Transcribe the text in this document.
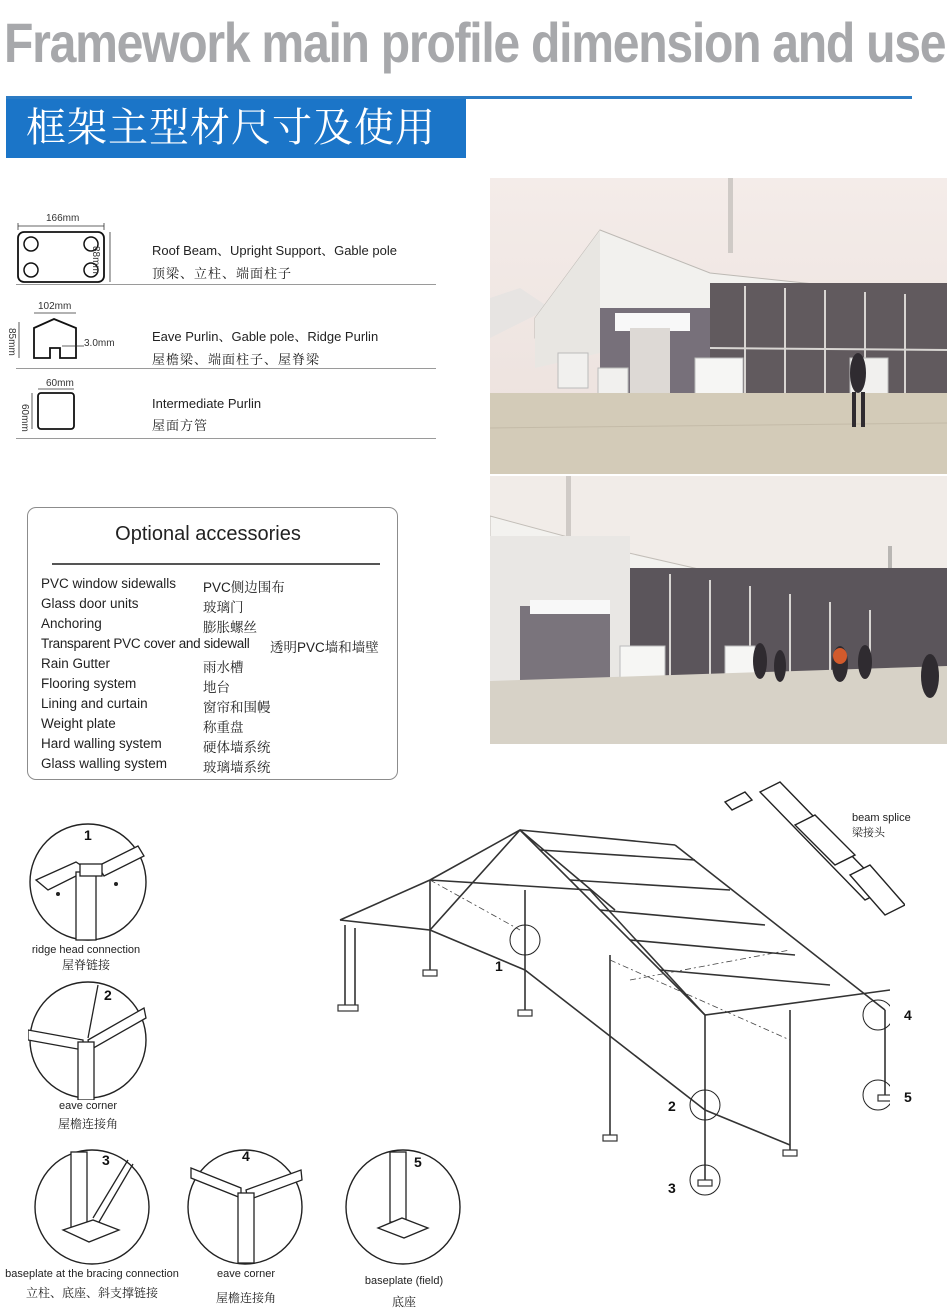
Framework main profile dimension and use
框架主型材尺寸及使用
166mm
88mm	Roof Beam、Upright Support、Gable pole
顶梁、立柱、端面柱子
102mm
85mm	3.0mm	Eave Purlin、Gable pole、Ridge Purlin
屋檐梁、端面柱子、屋脊梁
60mm
60mm
Intermediate Purlin
屋面方管
Optional accessories
PVC window sidewalls PVC侧边围布
Glass door units	玻璃门
Anchoring	膨胀螺丝
Transparent PVC cover and sidewall 透明PVC墙和墙壁
Rain Gutter	雨水槽
Flooring system	地台
Lining and curtain	窗帘和围幔
Weight plate	称重盘
Hard walling system	硬体墙系统
Glass walling system	玻璃墙系统
1
2
3
4
5
beam splice
梁接头
1
ridge head connection
屋脊链接
2
eave corner
屋檐连接角
3
baseplate at the bracing connection
立柱、底座、斜支撑链接
4
eave corner
屋檐连接角
5
baseplate (field)
底座
